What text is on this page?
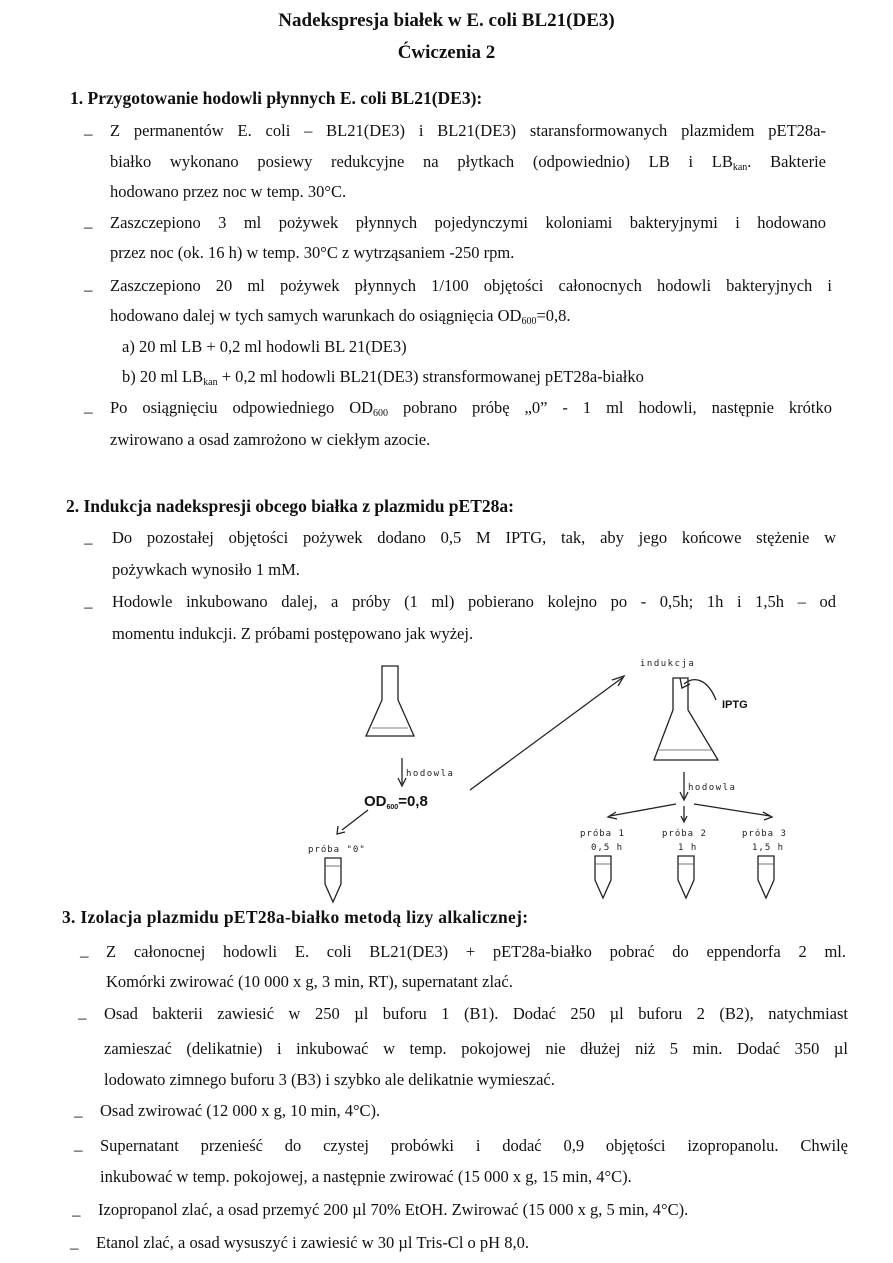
Nadekspresja białek w E. coli BL21(DE3)
Ćwiczenia 2
1. Przygotowanie hodowli płynnych E. coli BL21(DE3):
– Z permanentów E. coli – BL21(DE3) i BL21(DE3) staransformowanych plazmidem pET28a-
białko wykonano posiewy redukcyjne na płytkach (odpowiednio) LB i $LB_{kan}$. Bakterie
hodowano przez noc w temp. 30°C.
– Zaszczepiono 3 ml pożywek płynnych pojedynczymi koloniami bakteryjnymi i hodowano
przez noc (ok. 16 h) w temp. 30°C z wytrząsaniem -250 rpm.
– Zaszczepiono 20 ml pożywek płynnych 1/100 objętości całonocnych hodowli bakteryjnych i
hodowano dalej w tych samych warunkach do osiągnięcia $OD_{600}=0,8$.
a) 20 ml LB + 0,2 ml hodowli BL 21(DE3)
b) 20 ml $LB_{kan} + 0,2$ ml hodowli BL21(DE3) stransformowanej pET28a-białko
– Po osiągnięciu odpowiedniego $OD_{600}$ pobrano próbę „0” - 1 ml hodowli, następnie krótko
zwirowano a osad zamrożono w ciekłym azocie.
2. Indukcja nadekspresji obcego białka z plazmidu pET28a:
– Do pozostałej objętości pożywek dodano 0,5 M IPTG, tak, aby jego końcowe stężenie w
pożywkach wynosiło 1 mM.
– Hodowle inkubowano dalej, a próby (1 ml) pobierano kolejno po - 0,5h; 1h i 1,5h – od
momentu indukcji. Z próbami postępowano jak wyżej.
hodowla
$OD_{600}=0,8$
próba "0"
indukcja
IPTG
hodowla
próba 1
0,5 h
próba 2
1 h
próba 3
1,5 h
3. Izolacja plazmidu pET28a-białko metodą lizy alkalicznej:
– Z całonocnej hodowli E. coli BL21(DE3) + pET28a-białko pobrać do eppendorfa 2 ml.
Komórki zwirować (10 000 x g, 3 min, RT), supernatant zlać.
– Osad bakterii zawiesić w 250 µl buforu 1 (B1). Dodać 250 µl buforu 2 (B2), natychmiast
zamieszać (delikatnie) i inkubować w temp. pokojowej nie dłużej niż 5 min. Dodać 350 µl
lodowato zimnego buforu 3 (B3) i szybko ale delikatnie wymieszać.
– Osad zwirować (12 000 x g, 10 min, 4°C).
– Supernatant przenieść do czystej probówki i dodać 0,9 objętości izopropanolu. Chwilę
inkubować w temp. pokojowej, a następnie zwirować (15 000 x g, 15 min, 4°C).
– Izopropanol zlać, a osad przemyć 200 µl 70% EtOH. Zwirować (15 000 x g, 5 min, 4°C).
– Etanol zlać, a osad wysuszyć i zawiesić w 30 µl Tris-Cl o pH 8,0.
